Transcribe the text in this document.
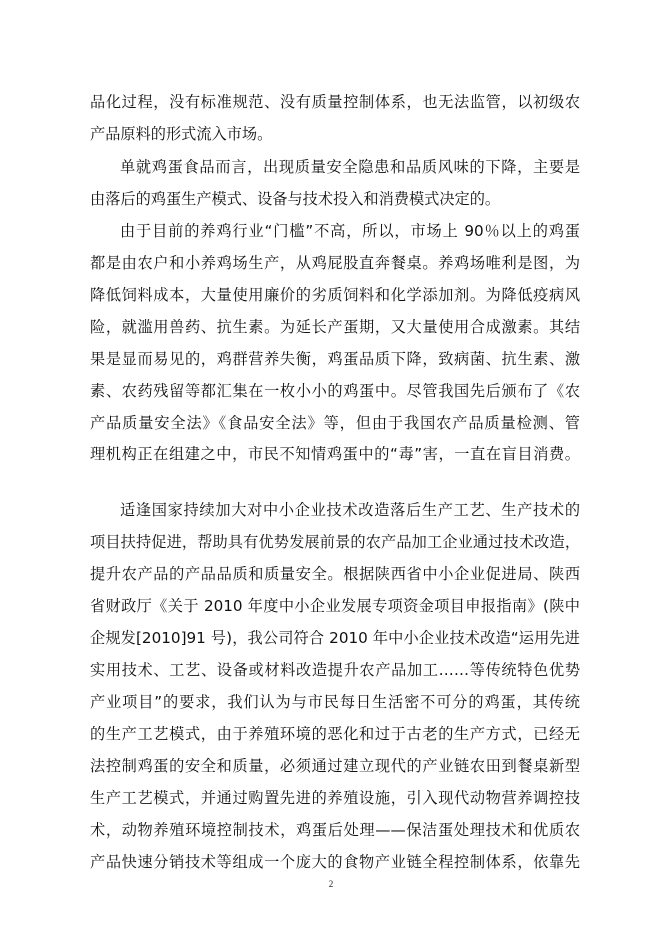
品化过程，没有标准规范、没有质量控制体系，也无法监管，以初级农
产品原料的形式流入市场。
单就鸡蛋食品而言，出现质量安全隐患和品质风味的下降，主要是
由落后的鸡蛋生产模式、设备与技术投入和消费模式决定的。
由于目前的养鸡行业“门槛”不高，所以，市场上 90％以上的鸡蛋
都是由农户和小养鸡场生产，从鸡屁股直奔餐桌。养鸡场唯利是图，为
降低饲料成本，大量使用廉价的劣质饲料和化学添加剂。为降低疫病风
险，就滥用兽药、抗生素。为延长产蛋期，又大量使用合成激素。其结
果是显而易见的，鸡群营养失衡，鸡蛋品质下降，致病菌、抗生素、激
素、农药残留等都汇集在一枚小小的鸡蛋中。尽管我国先后颁布了《农
产品质量安全法》《食品安全法》等，但由于我国农产品质量检测、管
理机构正在组建之中，市民不知情鸡蛋中的“毒”害，一直在盲目消费。
适逢国家持续加大对中小企业技术改造落后生产工艺、生产技术的
项目扶持促进，帮助具有优势发展前景的农产品加工企业通过技术改造，
提升农产品的产品品质和质量安全。根据陕西省中小企业促进局、陕西
省财政厅《关于 2010 年度中小企业发展专项资金项目申报指南》(陕中
企规发[2010]91 号)，我公司符合 2010 年中小企业技术改造“运用先进
实用技术、工艺、设备或材料改造提升农产品加工……等传统特色优势
产业项目”的要求，我们认为与市民每日生活密不可分的鸡蛋，其传统
的生产工艺模式，由于养殖环境的恶化和过于古老的生产方式，已经无
法控制鸡蛋的安全和质量，必须通过建立现代的产业链农田到餐桌新型
生产工艺模式，并通过购置先进的养殖设施，引入现代动物营养调控技
术，动物养殖环境控制技术，鸡蛋后处理——保洁蛋处理技术和优质农
产品快速分销技术等组成一个庞大的食物产业链全程控制体系，依靠先
2
